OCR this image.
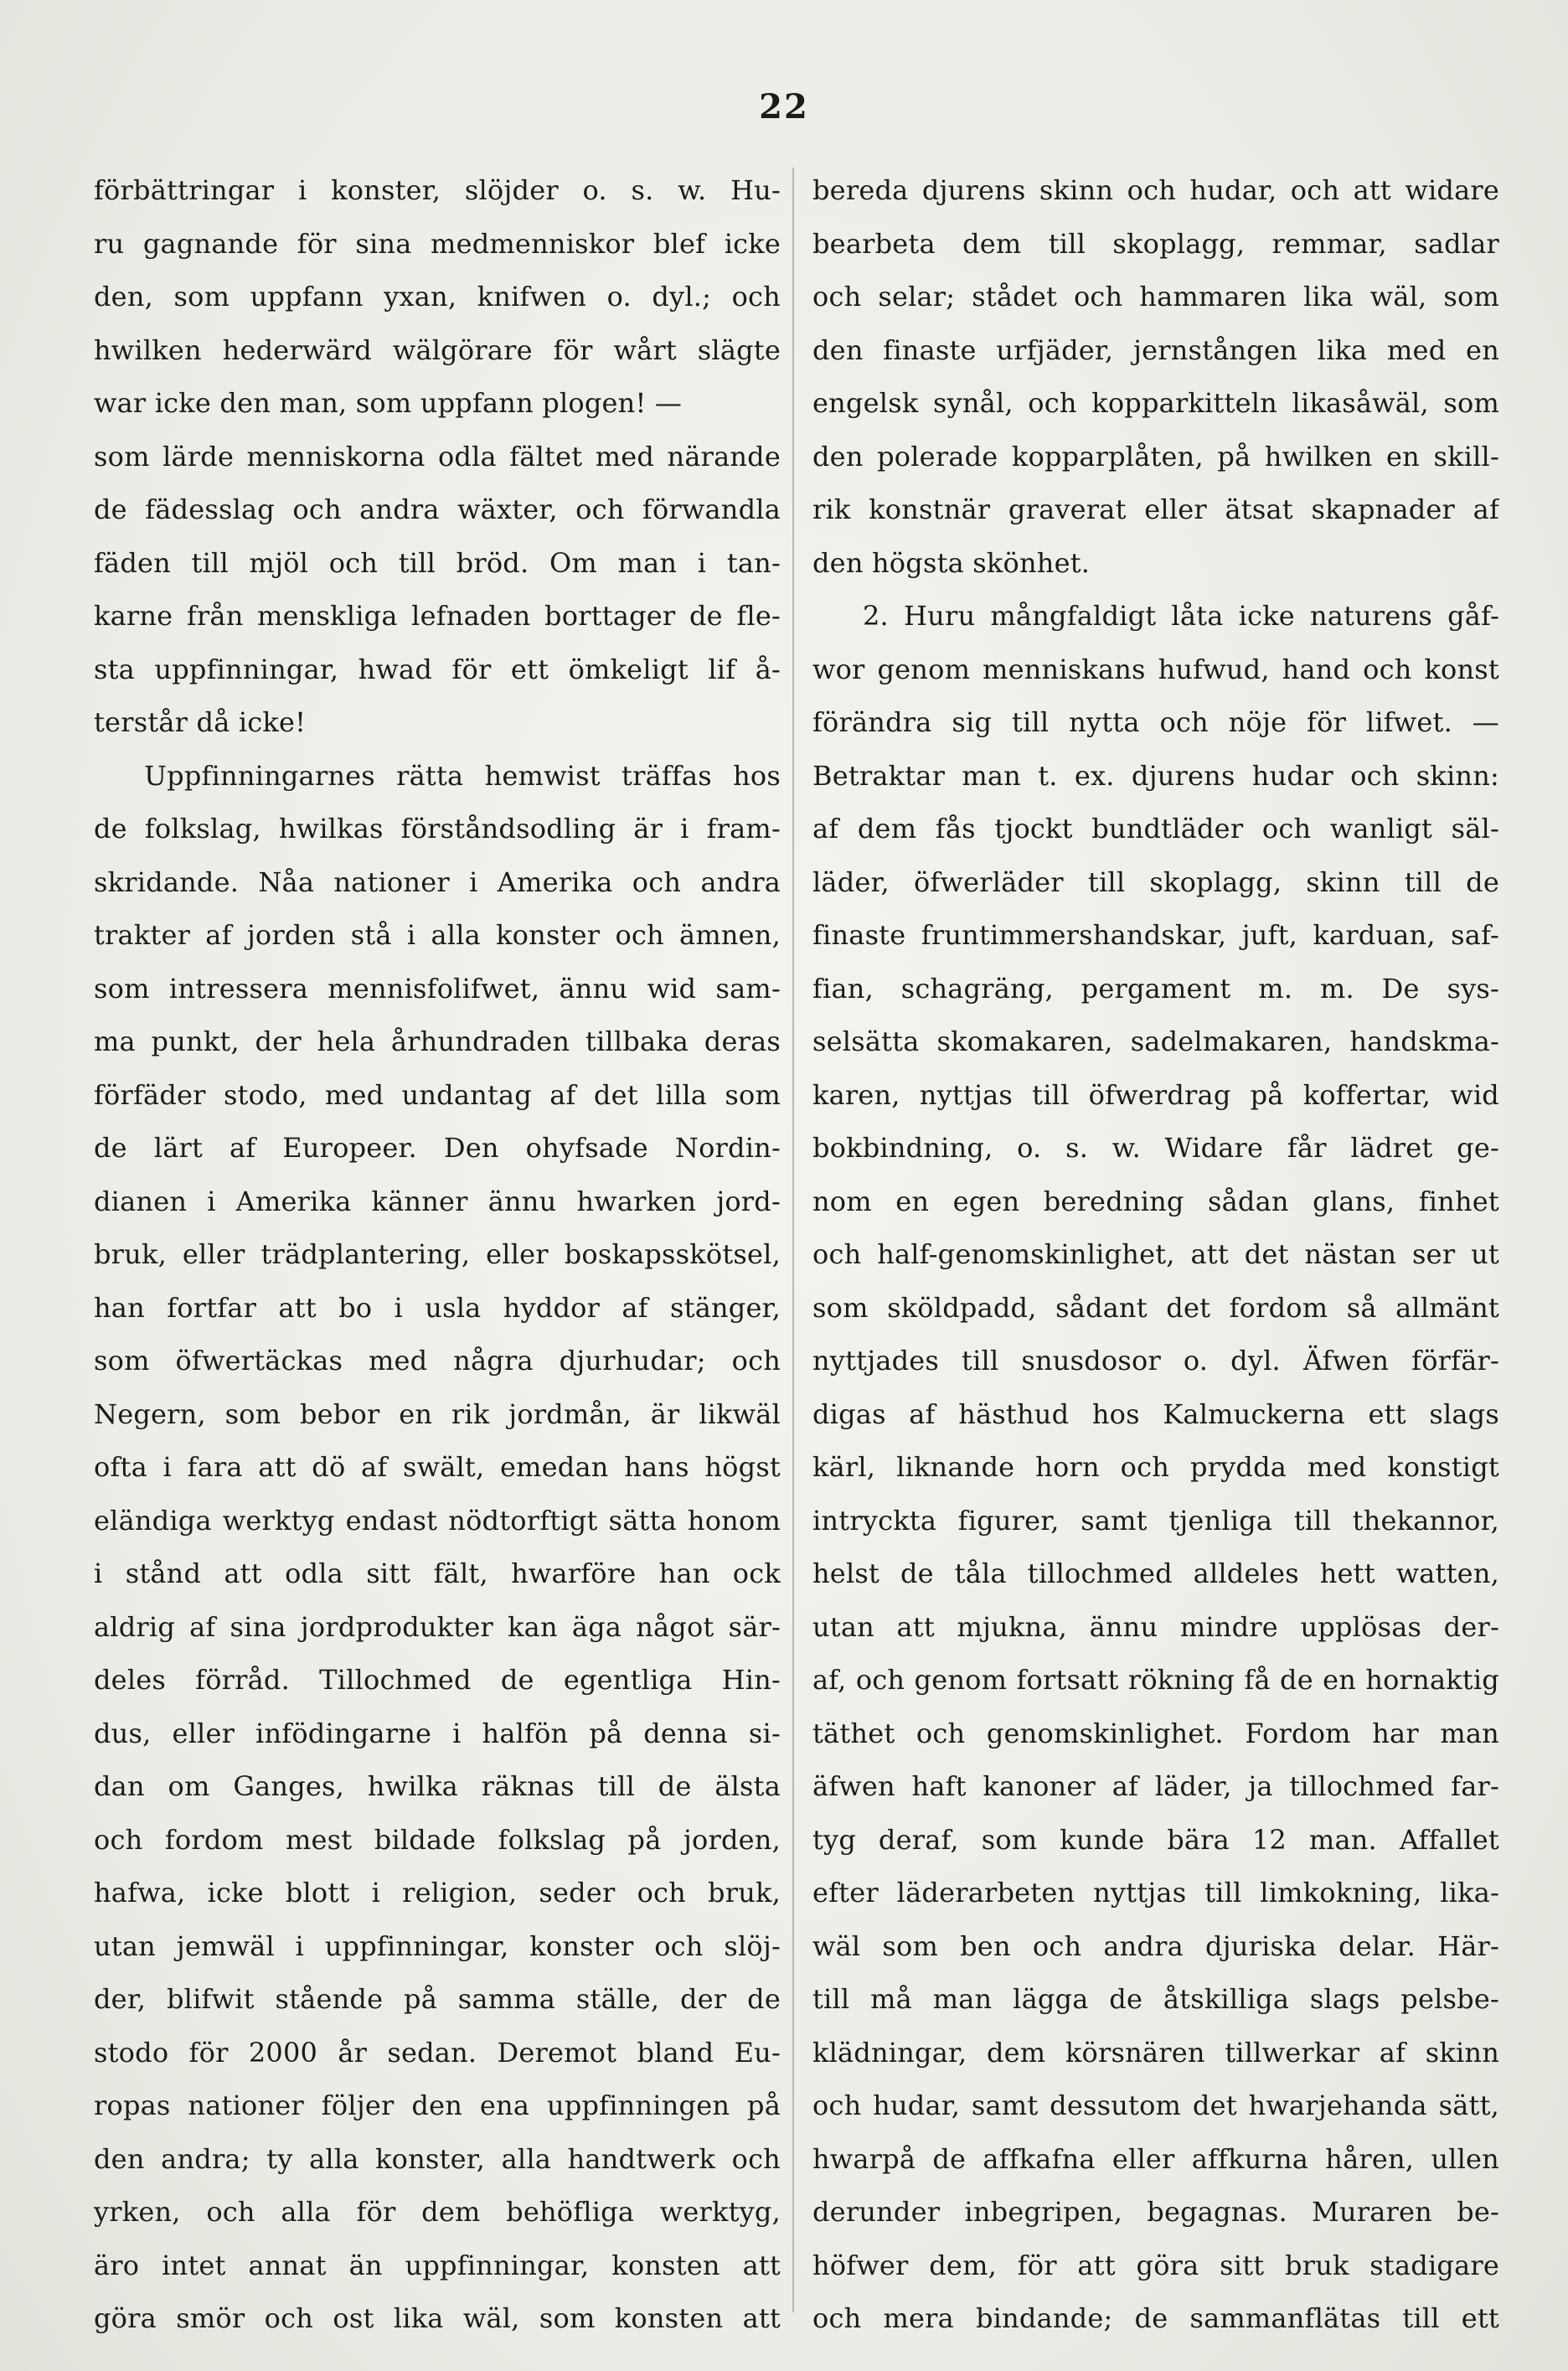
22
förbättringar i konster, slöjder o. s. w. Hu-
ru gagnande för sina medmenniskor blef icke
den, som uppfann yxan, knifwen o. dyl.; och
hwilken hederwärd wälgörare för wårt slägte
war icke den man, som uppfann plogen! —
som lärde menniskorna odla fältet med närande
de fädesslag och andra wäxter, och förwandla
fäden till mjöl och till bröd. Om man i tan-
karne från menskliga lefnaden borttager de fle-
sta uppfinningar, hwad för ett ömkeligt lif å-
terstår då icke!
Uppfinningarnes rätta hemwist träffas hos
de folkslag, hwilkas förståndsodling är i fram-
skridande. Nåa nationer i Amerika och andra
trakter af jorden stå i alla konster och ämnen,
som intressera mennisfolifwet, ännu wid sam-
ma punkt, der hela århundraden tillbaka deras
förfäder stodo, med undantag af det lilla som
de lärt af Europeer. Den ohyfsade Nordin-
dianen i Amerika känner ännu hwarken jord-
bruk, eller trädplantering, eller boskapsskötsel,
han fortfar att bo i usla hyddor af stänger,
som öfwertäckas med några djurhudar; och
Negern, som bebor en rik jordmån, är likwäl
ofta i fara att dö af swält, emedan hans högst
eländiga werktyg endast nödtorftigt sätta honom
i stånd att odla sitt fält, hwarföre han ock
aldrig af sina jordprodukter kan äga något sär-
deles förråd. Tillochmed de egentliga Hin-
dus, eller infödingarne i halfön på denna si-
dan om Ganges, hwilka räknas till de älsta
och fordom mest bildade folkslag på jorden,
hafwa, icke blott i religion, seder och bruk,
utan jemwäl i uppfinningar, konster och slöj-
der, blifwit stående på samma ställe, der de
stodo för 2000 år sedan. Deremot bland Eu-
ropas nationer följer den ena uppfinningen på
den andra; ty alla konster, alla handtwerk och
yrken, och alla för dem behöfliga werktyg,
äro intet annat än uppfinningar, konsten att
göra smör och ost lika wäl, som konsten att
bereda djurens skinn och hudar, och att widare
bearbeta dem till skoplagg, remmar, sadlar
och selar; stådet och hammaren lika wäl, som
den finaste urfjäder, jernstången lika med en
engelsk synål, och kopparkitteln likasåwäl, som
den polerade kopparplåten, på hwilken en skill-
rik konstnär graverat eller ätsat skapnader af
den högsta skönhet.
2. Huru mångfaldigt låta icke naturens gåf-
wor genom menniskans hufwud, hand och konst
förändra sig till nytta och nöje för lifwet. —
Betraktar man t. ex. djurens hudar och skinn:
af dem fås tjockt bundtläder och wanligt säl-
läder, öfwerläder till skoplagg, skinn till de
finaste fruntimmershandskar, juft, karduan, saf-
fian, schagräng, pergament m. m. De sys-
selsätta skomakaren, sadelmakaren, handskma-
karen, nyttjas till öfwerdrag på koffertar, wid
bokbindning, o. s. w. Widare får lädret ge-
nom en egen beredning sådan glans, finhet
och half-genomskinlighet, att det nästan ser ut
som sköldpadd, sådant det fordom så allmänt
nyttjades till snusdosor o. dyl. Äfwen förfär-
digas af hästhud hos Kalmuckerna ett slags
kärl, liknande horn och prydda med konstigt
intryckta figurer, samt tjenliga till thekannor,
helst de tåla tillochmed alldeles hett watten,
utan att mjukna, ännu mindre upplösas der-
af, och genom fortsatt rökning få de en hornaktig
täthet och genomskinlighet. Fordom har man
äfwen haft kanoner af läder, ja tillochmed far-
tyg deraf, som kunde bära 12 man. Affallet
efter läderarbeten nyttjas till limkokning, lika-
wäl som ben och andra djuriska delar. Här-
till må man lägga de åtskilliga slags pelsbe-
klädningar, dem körsnären tillwerkar af skinn
och hudar, samt dessutom det hwarjehanda sätt,
hwarpå de affkafna eller affkurna håren, ullen
derunder inbegripen, begagnas. Muraren be-
höfwer dem, för att göra sitt bruk stadigare
och mera bindande; de sammanflätas till ett
